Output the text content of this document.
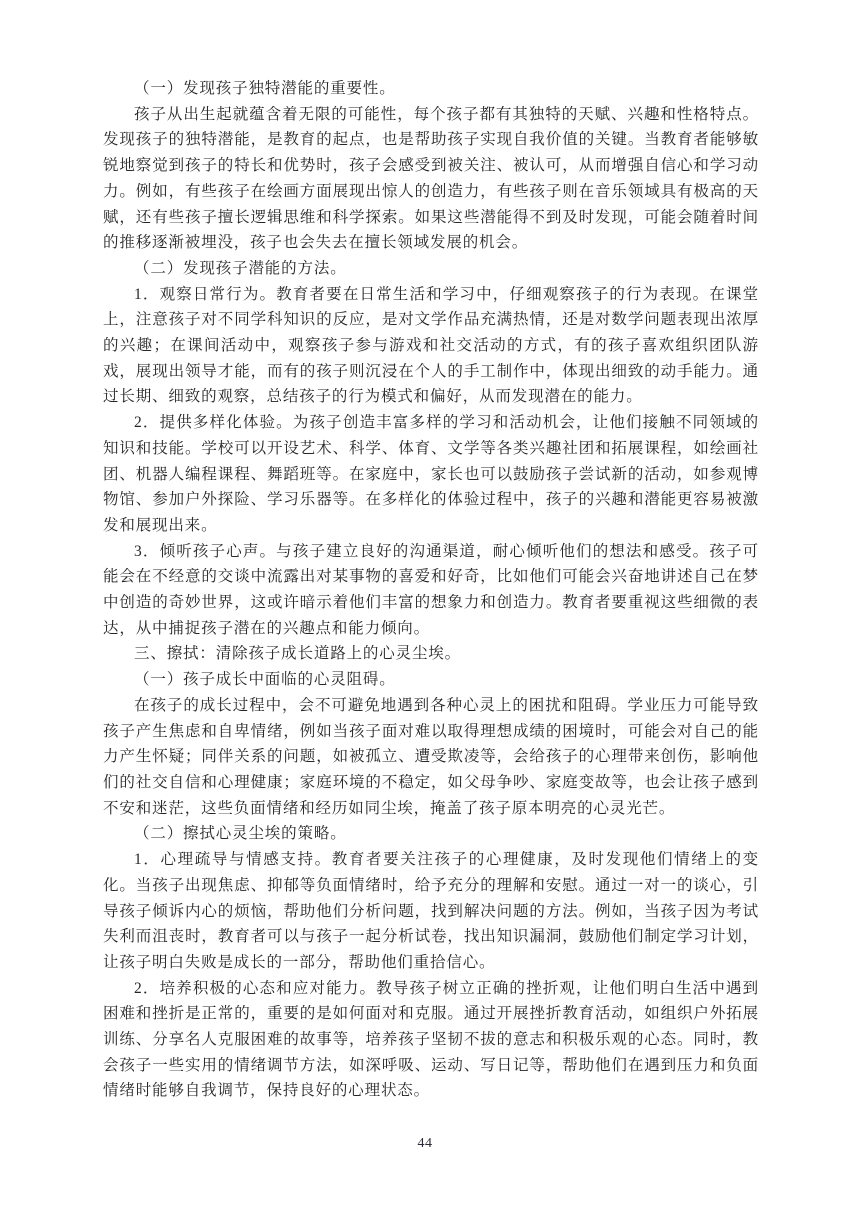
（一）发现孩子独特潜能的重要性。

孩子从出生起就蕴含着无限的可能性，每个孩子都有其独特的天赋、兴趣和性格特点。发现孩子的独特潜能，是教育的起点，也是帮助孩子实现自我价值的关键。当教育者能够敏锐地察觉到孩子的特长和优势时，孩子会感受到被关注、被认可，从而增强自信心和学习动力。例如，有些孩子在绘画方面展现出惊人的创造力，有些孩子则在音乐领域具有极高的天赋，还有些孩子擅长逻辑思维和科学探索。如果这些潜能得不到及时发现，可能会随着时间的推移逐渐被埋没，孩子也会失去在擅长领域发展的机会。

（二）发现孩子潜能的方法。

1．观察日常行为。教育者要在日常生活和学习中，仔细观察孩子的行为表现。在课堂上，注意孩子对不同学科知识的反应，是对文学作品充满热情，还是对数学问题表现出浓厚的兴趣；在课间活动中，观察孩子参与游戏和社交活动的方式，有的孩子喜欢组织团队游戏，展现出领导才能，而有的孩子则沉浸在个人的手工制作中，体现出细致的动手能力。通过长期、细致的观察，总结孩子的行为模式和偏好，从而发现潜在的能力。

2．提供多样化体验。为孩子创造丰富多样的学习和活动机会，让他们接触不同领域的知识和技能。学校可以开设艺术、科学、体育、文学等各类兴趣社团和拓展课程，如绘画社团、机器人编程课程、舞蹈班等。在家庭中，家长也可以鼓励孩子尝试新的活动，如参观博物馆、参加户外探险、学习乐器等。在多样化的体验过程中，孩子的兴趣和潜能更容易被激发和展现出来。

3．倾听孩子心声。与孩子建立良好的沟通渠道，耐心倾听他们的想法和感受。孩子可能会在不经意的交谈中流露出对某事物的喜爱和好奇，比如他们可能会兴奋地讲述自己在梦中创造的奇妙世界，这或许暗示着他们丰富的想象力和创造力。教育者要重视这些细微的表达，从中捕捉孩子潜在的兴趣点和能力倾向。

三、擦拭：清除孩子成长道路上的心灵尘埃。

（一）孩子成长中面临的心灵阻碍。

在孩子的成长过程中，会不可避免地遇到各种心灵上的困扰和阻碍。学业压力可能导致孩子产生焦虑和自卑情绪，例如当孩子面对难以取得理想成绩的困境时，可能会对自己的能力产生怀疑；同伴关系的问题，如被孤立、遭受欺凌等，会给孩子的心理带来创伤，影响他们的社交自信和心理健康；家庭环境的不稳定，如父母争吵、家庭变故等，也会让孩子感到不安和迷茫，这些负面情绪和经历如同尘埃，掩盖了孩子原本明亮的心灵光芒。

（二）擦拭心灵尘埃的策略。

1．心理疏导与情感支持。教育者要关注孩子的心理健康，及时发现他们情绪上的变化。当孩子出现焦虑、抑郁等负面情绪时，给予充分的理解和安慰。通过一对一的谈心，引导孩子倾诉内心的烦恼，帮助他们分析问题，找到解决问题的方法。例如，当孩子因为考试失利而沮丧时，教育者可以与孩子一起分析试卷，找出知识漏洞，鼓励他们制定学习计划，让孩子明白失败是成长的一部分，帮助他们重拾信心。

2．培养积极的心态和应对能力。教导孩子树立正确的挫折观，让他们明白生活中遇到困难和挫折是正常的，重要的是如何面对和克服。通过开展挫折教育活动，如组织户外拓展训练、分享名人克服困难的故事等，培养孩子坚韧不拔的意志和积极乐观的心态。同时，教会孩子一些实用的情绪调节方法，如深呼吸、运动、写日记等，帮助他们在遇到压力和负面情绪时能够自我调节，保持良好的心理状态。

44
